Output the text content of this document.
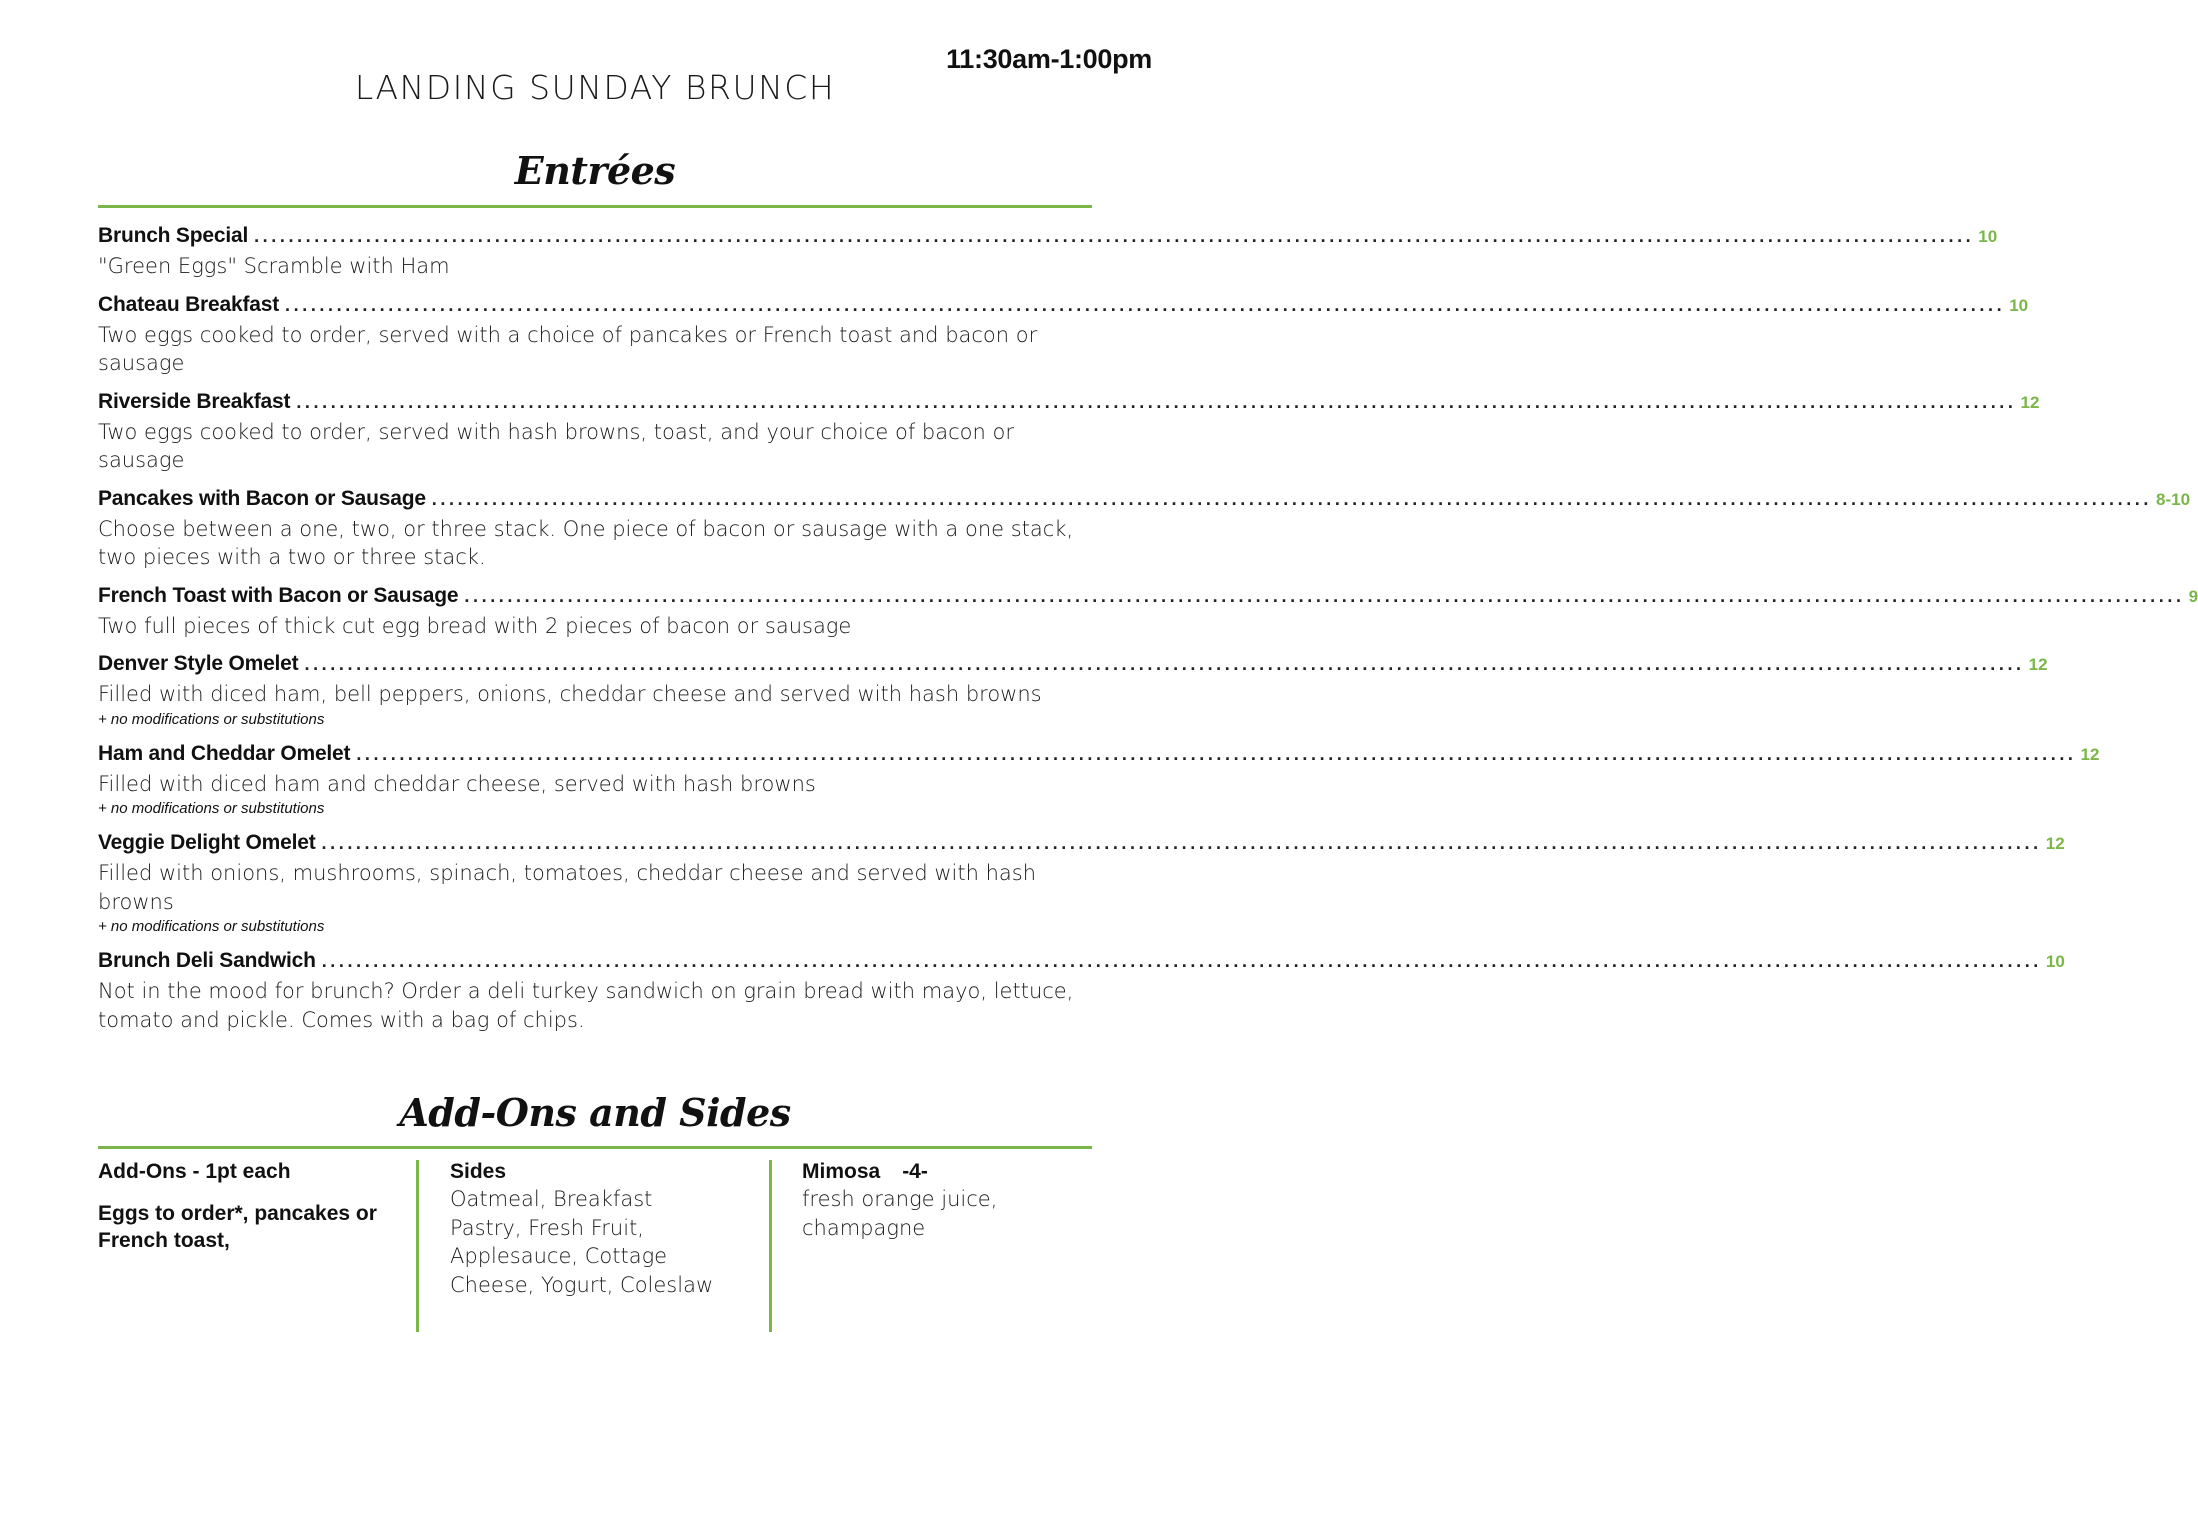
11:30am-1:00pm
LANDING SUNDAY BRUNCH
Entrées
Brunch Special ........................................................................................................................................................................................................ 10
"Green Eggs" Scramble with Ham
Chateau Breakfast ........................................................................................................................................................................................................ 10
Two eggs cooked to order, served with a choice of pancakes or French toast and bacon or sausage
Riverside Breakfast ........................................................................................................................................................................................................ 12
Two eggs cooked to order, served with hash browns, toast, and your choice of bacon or sausage
Pancakes with Bacon or Sausage ........................................................................................................................................................................................................ 8-10
Choose between a one, two, or three stack. One piece of bacon or sausage with a one stack, two pieces with a two or three stack.
French Toast with Bacon or Sausage ........................................................................................................................................................................................................ 9
Two full pieces of thick cut egg bread with 2 pieces of bacon or sausage
Denver Style Omelet ........................................................................................................................................................................................................ 12
Filled with diced ham, bell peppers, onions, cheddar cheese and served with hash browns
+ no modifications or substitutions
Ham and Cheddar Omelet ........................................................................................................................................................................................................ 12
Filled with diced ham and cheddar cheese, served with hash browns
+ no modifications or substitutions
Veggie Delight Omelet ........................................................................................................................................................................................................ 12
Filled with onions, mushrooms, spinach, tomatoes, cheddar cheese and served with hash browns
+ no modifications or substitutions
Brunch Deli Sandwich ........................................................................................................................................................................................................ 10
Not in the mood for brunch? Order a deli turkey sandwich on grain bread with mayo, lettuce, tomato and pickle. Comes with a bag of chips.
Add-Ons and Sides
Add-Ons - 1pt each
Eggs to order*, pancakes or French toast,
Sides
Oatmeal, Breakfast Pastry, Fresh Fruit, Applesauce, Cottage Cheese, Yogurt, Coleslaw
Mimosa -4-
fresh orange juice, champagne
